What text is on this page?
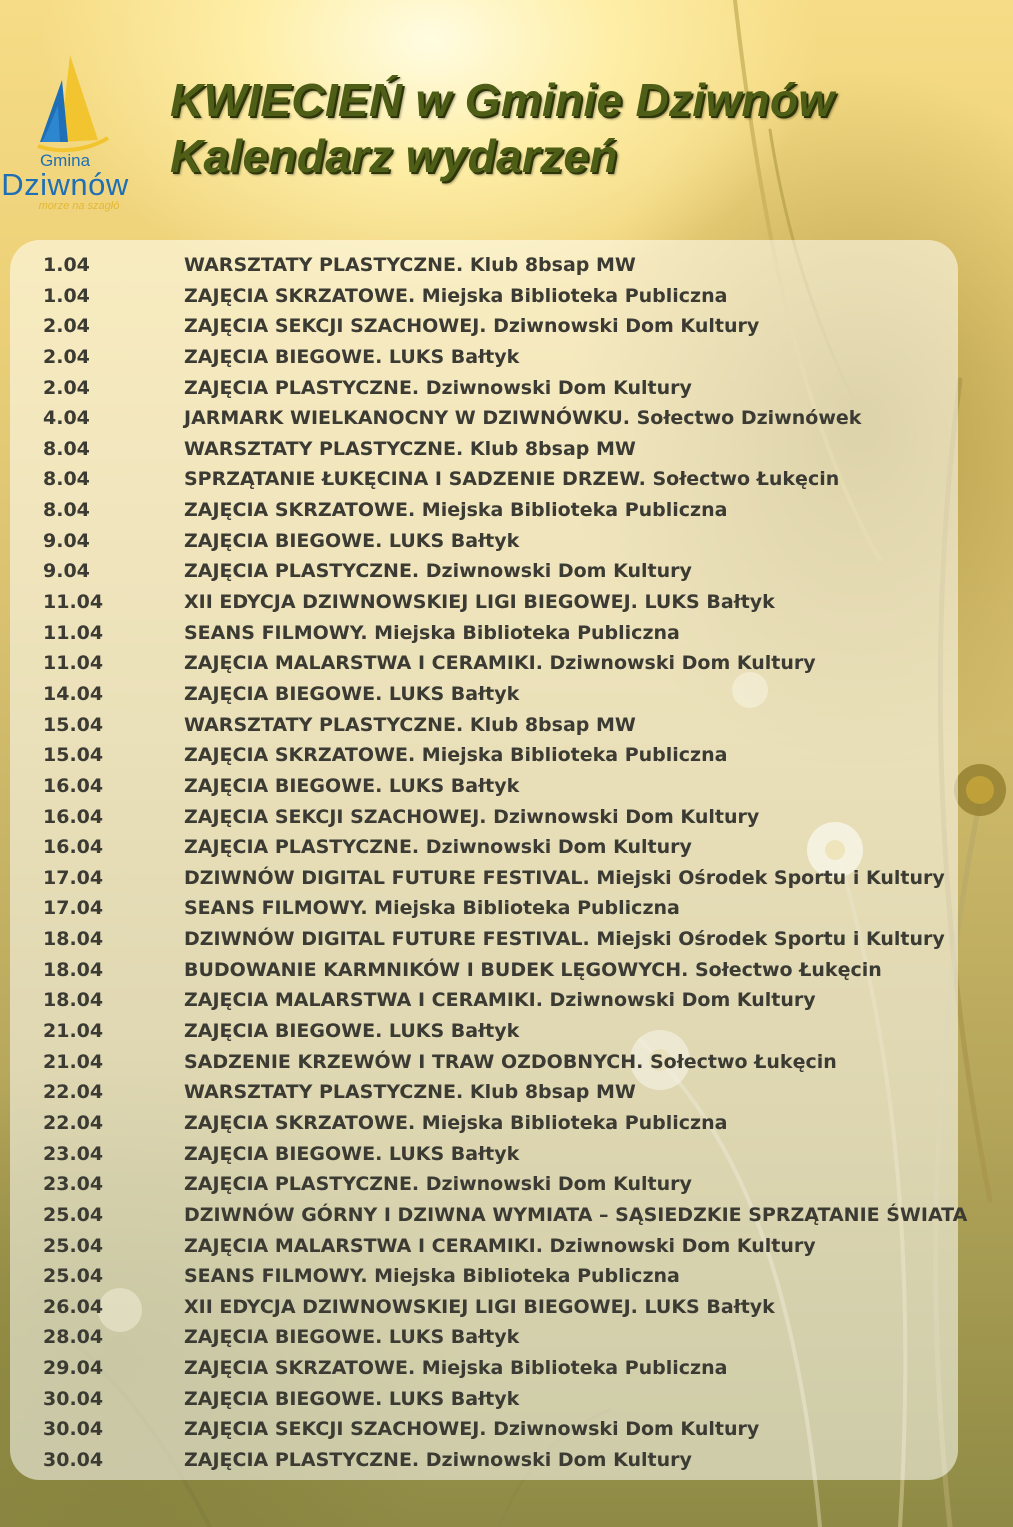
Gmina
Dziwnów
morze na szagłó
KWIECIEŃ w Gminie Dziwnów
Kalendarz wydarzeń
1.04	WARSZTATY PLASTYCZNE. Klub 8bsap MW
1.04	ZAJĘCIA SKRZATOWE. Miejska Biblioteka Publiczna
2.04	ZAJĘCIA SEKCJI SZACHOWEJ. Dziwnowski Dom Kultury
2.04	ZAJĘCIA BIEGOWE. LUKS Bałtyk
2.04	ZAJĘCIA PLASTYCZNE. Dziwnowski Dom Kultury
4.04	JARMARK WIELKANOCNY W DZIWNÓWKU. Sołectwo Dziwnówek
8.04	WARSZTATY PLASTYCZNE. Klub 8bsap MW
8.04	SPRZĄTANIE ŁUKĘCINA I SADZENIE DRZEW. Sołectwo Łukęcin
8.04	ZAJĘCIA SKRZATOWE. Miejska Biblioteka Publiczna
9.04	ZAJĘCIA BIEGOWE. LUKS Bałtyk
9.04	ZAJĘCIA PLASTYCZNE. Dziwnowski Dom Kultury
11.04	XII EDYCJA DZIWNOWSKIEJ LIGI BIEGOWEJ. LUKS Bałtyk
11.04	SEANS FILMOWY. Miejska Biblioteka Publiczna
11.04	ZAJĘCIA MALARSTWA I CERAMIKI. Dziwnowski Dom Kultury
14.04	ZAJĘCIA BIEGOWE. LUKS Bałtyk
15.04	WARSZTATY PLASTYCZNE. Klub 8bsap MW
15.04	ZAJĘCIA SKRZATOWE. Miejska Biblioteka Publiczna
16.04	ZAJĘCIA BIEGOWE. LUKS Bałtyk
16.04	ZAJĘCIA SEKCJI SZACHOWEJ. Dziwnowski Dom Kultury
16.04	ZAJĘCIA PLASTYCZNE. Dziwnowski Dom Kultury
17.04	DZIWNÓW DIGITAL FUTURE FESTIVAL. Miejski Ośrodek Sportu i Kultury
17.04	SEANS FILMOWY. Miejska Biblioteka Publiczna
18.04	DZIWNÓW DIGITAL FUTURE FESTIVAL. Miejski Ośrodek Sportu i Kultury
18.04	BUDOWANIE KARMNIKÓW I BUDEK LĘGOWYCH. Sołectwo Łukęcin
18.04	ZAJĘCIA MALARSTWA I CERAMIKI. Dziwnowski Dom Kultury
21.04	ZAJĘCIA BIEGOWE. LUKS Bałtyk
21.04	SADZENIE KRZEWÓW I TRAW OZDOBNYCH. Sołectwo Łukęcin
22.04	WARSZTATY PLASTYCZNE. Klub 8bsap MW
22.04	ZAJĘCIA SKRZATOWE. Miejska Biblioteka Publiczna
23.04	ZAJĘCIA BIEGOWE. LUKS Bałtyk
23.04	ZAJĘCIA PLASTYCZNE. Dziwnowski Dom Kultury
25.04	DZIWNÓW GÓRNY I DZIWNA WYMIATA – SĄSIEDZKIE SPRZĄTANIE ŚWIATA
25.04	ZAJĘCIA MALARSTWA I CERAMIKI. Dziwnowski Dom Kultury
25.04	SEANS FILMOWY. Miejska Biblioteka Publiczna
26.04	XII EDYCJA DZIWNOWSKIEJ LIGI BIEGOWEJ. LUKS Bałtyk
28.04	ZAJĘCIA BIEGOWE. LUKS Bałtyk
29.04	ZAJĘCIA SKRZATOWE. Miejska Biblioteka Publiczna
30.04	ZAJĘCIA BIEGOWE. LUKS Bałtyk
30.04	ZAJĘCIA SEKCJI SZACHOWEJ. Dziwnowski Dom Kultury
30.04	ZAJĘCIA PLASTYCZNE. Dziwnowski Dom Kultury
